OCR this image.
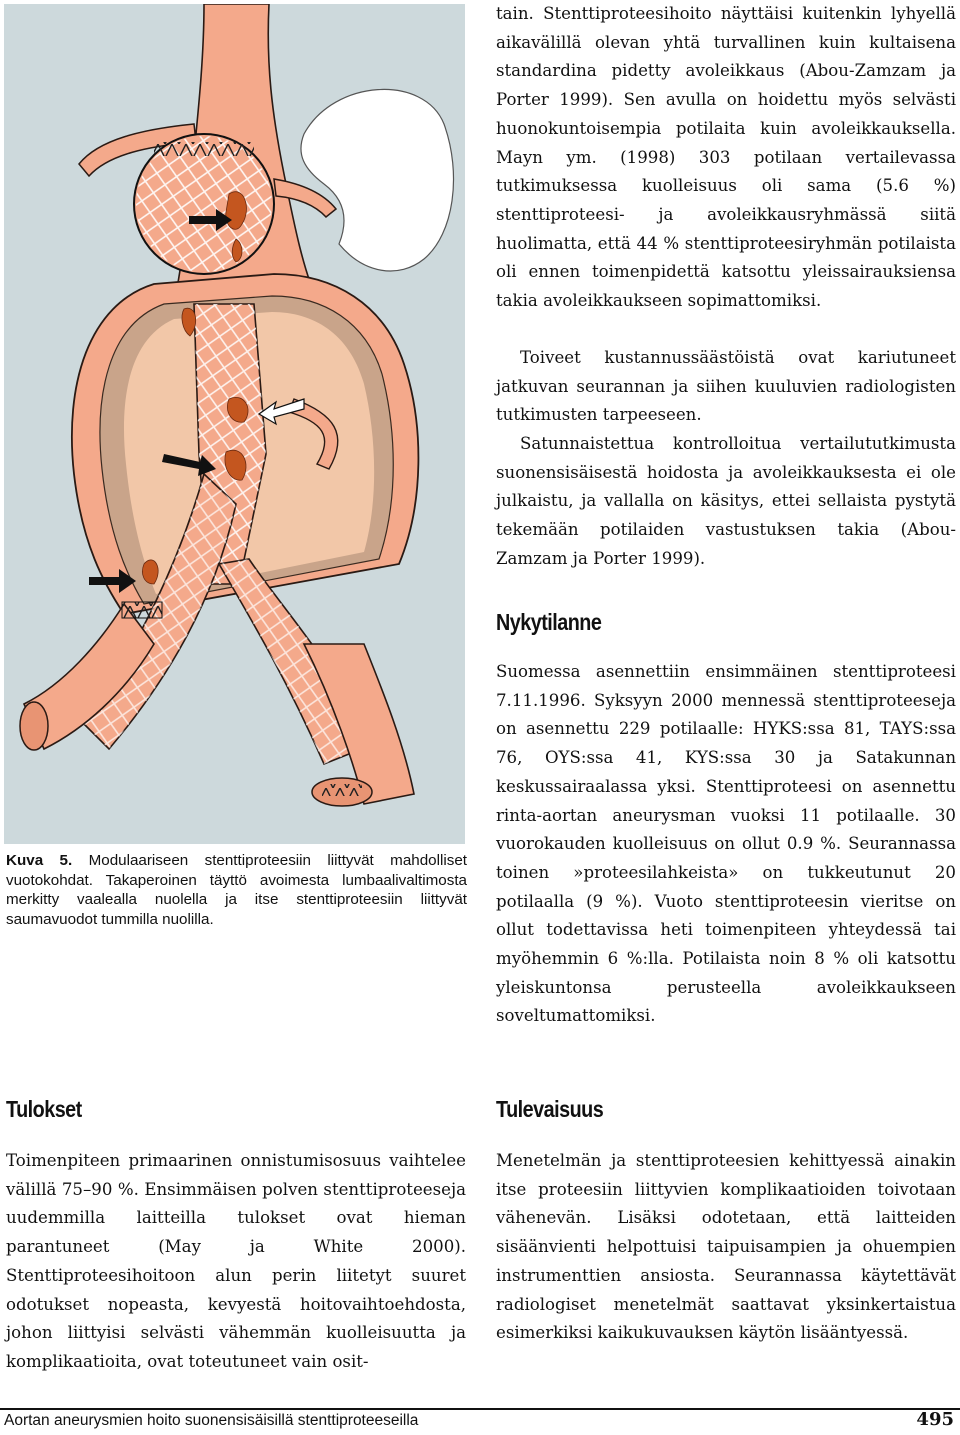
Kuva 5. Modulaariseen stenttiproteesiin liittyvät mahdolliset vuotokohdat. Takaperoinen täyttö avoimesta lumbaalivaltimosta merkitty vaalealla nuolella ja itse stenttiproteesiin liittyvät saumavuodot tummilla nuolilla.

tain. Stenttiproteesihoito näyttäisi kuitenkin lyhyellä aikavälillä olevan yhtä turvallinen kuin kultaisena standardina pidetty avoleikkaus (Abou-Zamzam ja Porter 1999). Sen avulla on hoidettu myös selvästi huonokuntoisempia potilaita kuin avoleikkauksella. Mayn ym. (1998) 303 potilaan vertailevassa tutkimuksessa kuolleisuus oli sama (5.6 %) stenttiproteesi- ja avoleikkausryhmässä siitä huolimatta, että 44 % stenttiproteesiryhmän potilaista oli ennen toimenpidettä katsottu yleissairauksiensa takia avoleikkaukseen sopimattomiksi.

Toiveet kustannussäästöistä ovat kariutuneet jatkuvan seurannan ja siihen kuuluvien radiologisten tutkimusten tarpeeseen.

Satunnaistettua kontrolloitua vertailututkimusta suonensisäisestä hoidosta ja avoleikkauksesta ei ole julkaistu, ja vallalla on käsitys, ettei sellaista pystytä tekemään potilaiden vastustuksen takia (Abou-Zamzam ja Porter 1999).

Nykytilanne

Suomessa asennettiin ensimmäinen stenttiproteesi 7.11.1996. Syksyyn 2000 mennessä stenttiproteeseja on asennettu 229 potilaalle: HYKS:ssa 81, TAYS:ssa 76, OYS:ssa 41, KYS:ssa 30 ja Satakunnan keskussairaalassa yksi. Stenttiproteesi on asennettu rinta-aortan aneurysman vuoksi 11 potilaalle. 30 vuorokauden kuolleisuus on ollut 0.9 %. Seurannassa toinen »proteesilahkeista» on tukkeutunut 20 potilaalla (9 %). Vuoto stenttiproteesin vieritse on ollut todettavissa heti toimenpiteen yhteydessä tai myöhemmin 6 %:lla. Potilaista noin 8 % oli katsottu yleiskuntonsa perusteella avoleikkaukseen soveltumattomiksi.

Tulevaisuus

Menetelmän ja stenttiproteesien kehittyessä ainakin itse proteesiin liittyvien komplikaatioiden toivotaan vähenevän. Lisäksi odotetaan, että laitteiden sisäänvienti helpottuisi taipuisampien ja ohuempien instrumenttien ansiosta. Seurannassa käytettävät radiologiset menetelmät saattavat yksinkertaistua esimerkiksi kaikukuvauksen käytön lisääntyessä.

Tulokset

Toimenpiteen primaarinen onnistumisosuus vaihtelee välillä 75–90 %. Ensimmäisen polven stenttiproteeseja uudemmilla laitteilla tulokset ovat hieman parantuneet (May ja White 2000). Stenttiproteesihoitoon alun perin liitetyt suuret odotukset nopeasta, kevyestä hoitovaihtoehdosta, johon liittyisi selvästi vähemmän kuolleisuutta ja komplikaatioita, ovat toteutuneet vain osit-

Aortan aneurysmien hoito suonensisäisillä stenttiproteeseilla	495
